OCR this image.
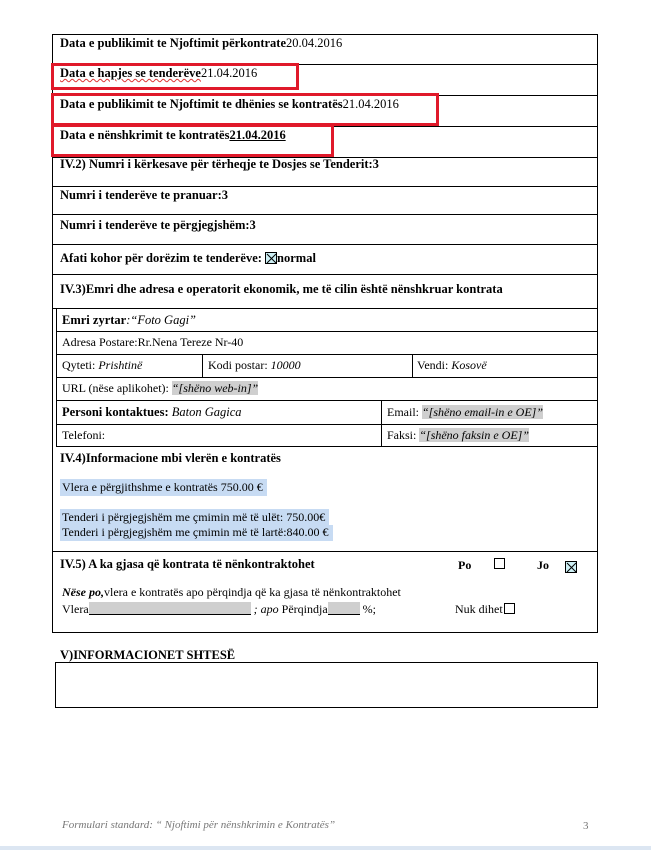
Data e publikimit te Njoftimit përkontrate20.04.2016
Data e hapjes se tenderëve21.04.2016
Data e publikimit te Njoftimit te dhënies se kontratës21.04.2016
Data e nënshkrimit te kontratës21.04.2016
IV.2) Numri i kërkesave për tërheqje te Dosjes se Tenderit:3
Numri i tenderëve te pranuar:3
Numri i tenderëve te përgjegjshëm:3
Afati kohor për dorëzim te tenderëve: normal
IV.3)Emri dhe adresa e operatorit ekonomik, me të cilin është nënshkruar kontrata
Emri zyrtar:“Foto Gagi”
Adresa Postare:Rr.Nena Tereze Nr-40
Qyteti: Prishtinë	Kodi postar: 10000	Vendi: Kosovë
URL (nëse aplikohet): “[shëno web-in]”
Personi kontaktues: Baton Gagica	Email: “[shëno email-in e OE]”
Telefoni:	Faksi: “[shëno faksin e OE]”
IV.4)Informacione mbi vlerën e kontratës
Vlera e përgjithshme e kontratës 750.00 €
Tenderi i përgjegjshëm me çmimin më të ulët: 750.00€
Tenderi i përgjegjshëm me çmimin më të lartë:840.00 €
IV.5) A ka gjasa që kontrata të nënkontraktohet	Po	Jo
Nëse po,vlera e kontratës apo përqindja që ka gjasa të nënkontraktohet
Vlera	; apo Përqindja	%;	Nuk dihet
V)INFORMACIONET SHTESË
Formulari standard: “ Njoftimi për nënshkrimin e Kontratës”	3
